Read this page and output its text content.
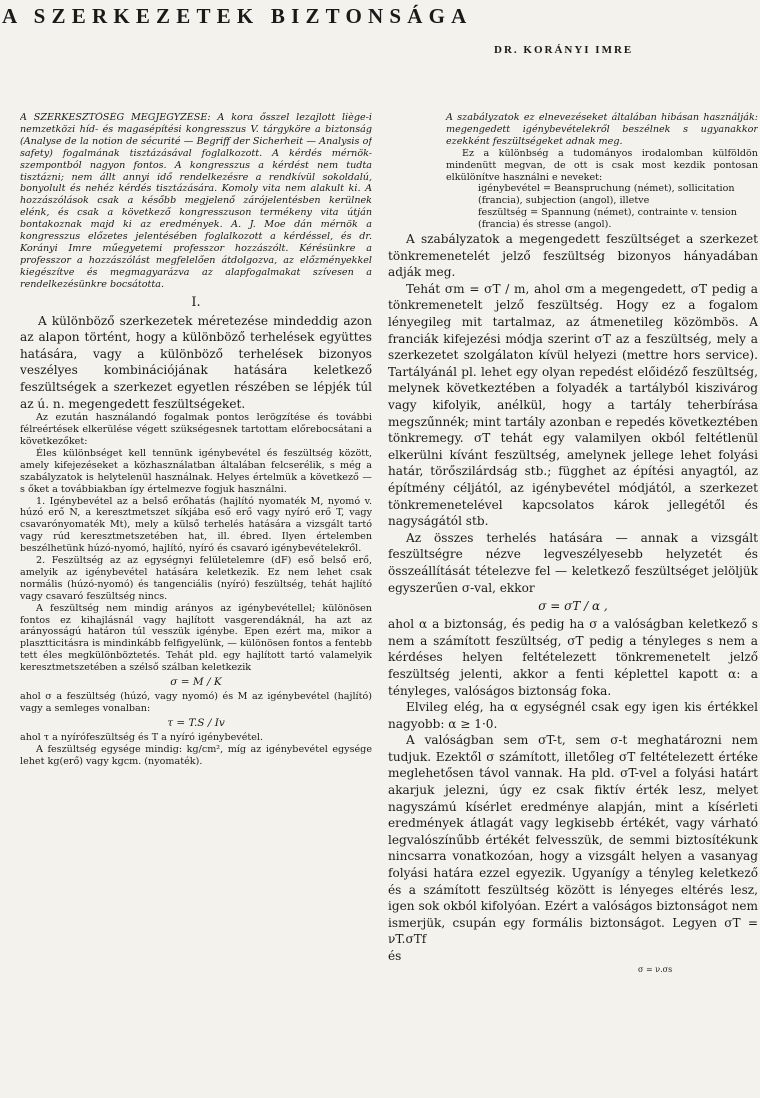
A SZERKEZETEK BIZTONSÁGA
DR. KORÁNYI IMRE

A SZERKESZTŐSÉG MEGJEGYZÉSE: A kora ősszel lezajlott liège-i nemzetközi híd- és magasépítési kongresszus V. tárgyköre a biztonság (Analyse de la notion de sécurité — Begriff der Sicherheit — Analysis of safety) fogalmának tisztázásával foglalkozott. A kérdés mérnök-szempontból nagyon fontos. A kongresszus a kérdést nem tudta tisztázni; nem állt annyi idő rendelkezésre a rendkívül sokoldalú, bonyolult és nehéz kérdés tisztázására. Komoly vita nem alakult ki. A hozzászólások csak a később megjelenő zárójelentésben kerülnek elénk, és csak a következő kongresszuson termékeny vita útján bontakoznak majd ki az eredmények. A. J. Moe dán mérnök a kongresszus előzetes jelentésében foglalkozott a kérdéssel, és dr. Korányi Imre műegyetemi professzor hozzászólt. Kérésünkre a professzor a hozzászólást megfelelően átdolgozva, az előzményekkel kiegészítve és megmagyarázva az alapfogalmakat szívesen a rendelkezésünkre bocsátotta.

I.

A különböző szerkezetek méretezése mindeddig azon az alapon történt, hogy a különböző terhelések együttes hatására, vagy a különböző terhelések bizonyos veszélyes kombinációjának hatására keletkező feszültségek a szerkezet egyetlen részében se lépjék túl az ú. n. megengedett feszültségeket.

Az ezután használandó fogalmak pontos lerögzítése és további félreértések elkerülése végett szükségesnek tartottam előrebocsátani a következőket:

Éles különbséget kell tennünk igénybevétel és feszültség között, amely kifejezéseket a közhasználatban általában felcserélik, s még a szabályzatok is helytelenül használnak. Helyes értelmük a következő — s őket a továbbiakban így értelmezve fogjuk használni.

1. Igénybevétel az a belső erőhatás (hajlító nyomaték M, nyomó v. húzó erő N, a keresztmetszet síkjába eső erő vagy nyíró erő T, vagy csavarónyomaték Mt), mely a külső terhelés hatására a vizsgált tartó vagy rúd keresztmetszetében hat, ill. ébred. Ilyen értelemben beszélhetünk húzó-nyomó, hajlító, nyíró és csavaró igénybevételekről.

2. Feszültség az az egységnyi felületelemre (dF) eső belső erő, amelyik az igénybevétel hatására keletkezik. Ez nem lehet csak normális (húzó-nyomó) és tangenciális (nyíró) feszültség, tehát hajlító vagy csavaró feszültség nincs.

A feszültség nem mindig arányos az igénybevétellel; különösen fontos ez kihajlásnál vagy hajlított vasgerendáknál, ha azt az arányosságú határon túl vesszük igénybe. Epen ezért ma, mikor a plasztticitásra is mindinkább felfigyelünk, — különösen fontos a fentebb tett éles megkülönböztetés. Tehát pld. egy hajlított tartó valamelyik keresztmetszetében a szélső szálban keletkezik

σ = M / K

ahol σ a feszültség (húzó, vagy nyomó) és M az igénybevétel (hajlító) vagy a semleges vonalban:

τ = T.S / Iv

ahol τ a nyírófeszültség és T a nyíró igénybevétel.

A feszültség egysége mindig: kg/cm², míg az igénybevétel egysége lehet kg(erő) vagy kgcm. (nyomaték).

A szabályzatok ez elnevezéseket általában hibásan használják: megengedett igénybevételekről beszélnek s ugyanakkor ezekként feszültségeket adnak meg.

Ez a különbség a tudományos irodalomban külföldön mindenütt megvan, de ott is csak most kezdik pontosan elkülönítve használni e neveket:

igénybevétel = Beanspruchung (német), sollicitation (francia), subjection (angol), illetve
feszültség = Spannung (német), contrainte v. tension (francia) és stresse (angol).

A szabályzatok a megengedett feszültséget a szerkezet tönkremenetelét jelző feszültség bizonyos hányadában adják meg.

Tehát σm = σT / m, ahol σm a megengedett, σT pedig a tönkremenetelt jelző feszültség. Hogy ez a fogalom lényegileg mit tartalmaz, az átmenetileg közömbös. A franciák kifejezési módja szerint σT az a feszültség, mely a szerkezetet szolgálaton kívül helyezi (mettre hors service). Tartályánál pl. lehet egy olyan repedést előidéző feszültség, melynek következtében a folyadék a tartályból kiszivárog vagy kifolyik, anélkül, hogy a tartály teherbírása megszűnnék; mint tartály azonban e repedés következtében tönkremegy. σT tehát egy valamilyen okból feltétlenül elkerülni kívánt feszültség, amelynek jellege lehet folyási határ, törőszilárdság stb.; függhet az építési anyagtól, az építmény céljától, az igénybevétel módjától, a szerkezet tönkremenetelével kapcsolatos károk jellegétől és nagyságától stb.

Az összes terhelés hatására — annak a vizsgált feszültségre nézve legveszélyesebb helyzetét és összeállítását tételezve fel — keletkező feszültséget jelöljük egyszerűen σ-val, ekkor

σ = σT / α ,

ahol α a biztonság, és pedig ha σ a valóságban keletkező s nem a számított feszültség, σT pedig a tényleges s nem a kérdéses helyen feltételezett tönkremenetelt jelző feszültség jelenti, akkor a fenti képlettel kapott α: a tényleges, valóságos biztonság foka.

Elvileg elég, ha α egységnél csak egy igen kis értékkel nagyobb: α ≥ 1·0.

A valóságban sem σT-t, sem σ-t meghatározni nem tudjuk. Ezektől σ számított, illetőleg σT feltételezett értéke meglehetősen távol vannak. Ha pld. σT-vel a folyási határt akarjuk jelezni, úgy ez csak fiktív érték lesz, melyet nagyszámú kísérlet eredménye alapján, mint a kísérleti eredmények átlagát vagy legkisebb értékét, vagy várható legvalószínűbb értékét felvesszük, de semmi biztosítékunk nincsarra vonatkozóan, hogy a vizsgált helyen a vasanyag folyási határa ezzel egyezik. Ugyanígy a tényleg keletkező és a számított feszültség között is lényeges eltérés lesz, igen sok okból kifolyóan. Ezért a valóságos biztonságot nem ismerjük, csupán egy formális biztonságot. Legyen σT = νT.σTf

és

σ = ν.σs
